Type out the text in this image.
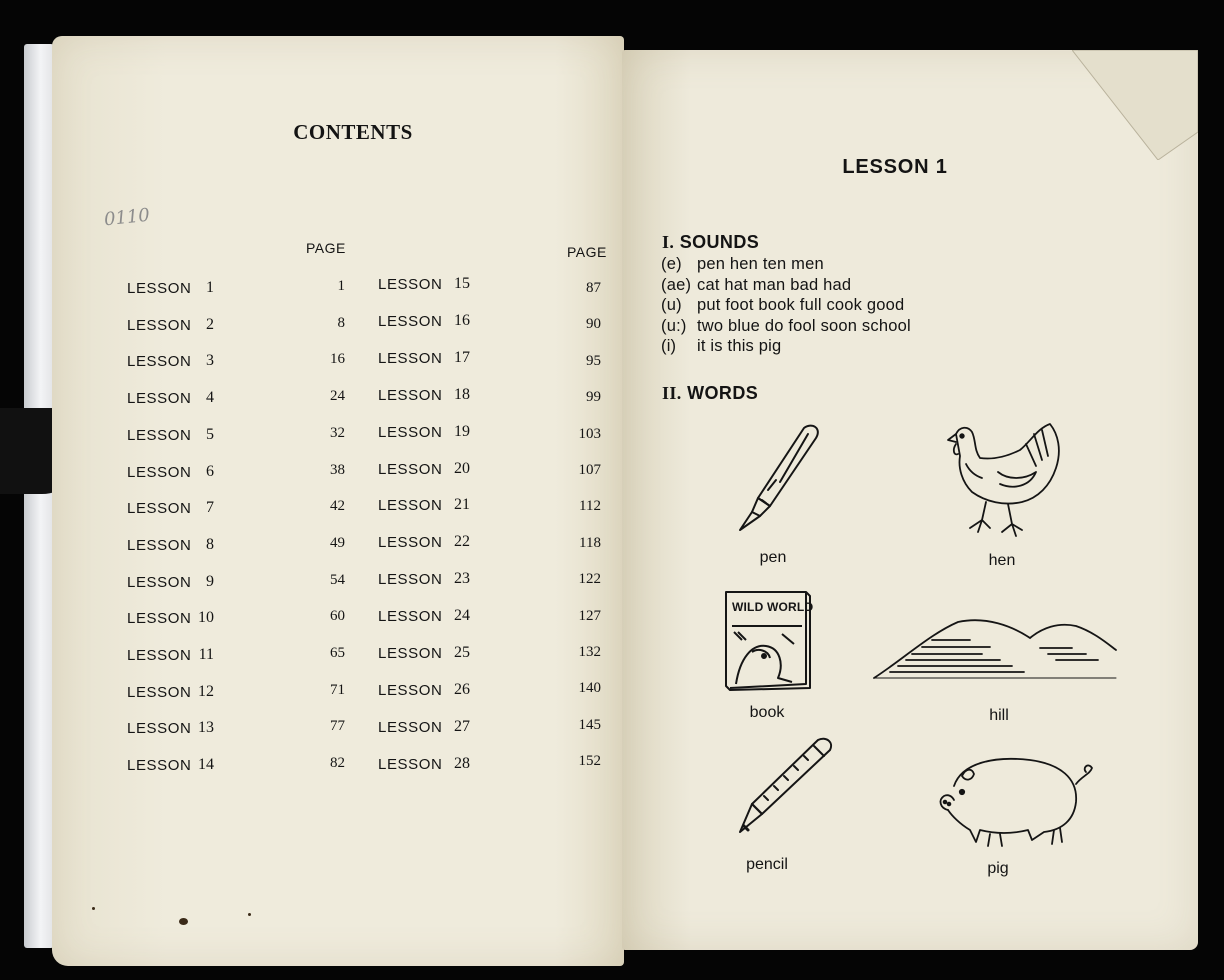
CONTENTS
0110
PAGE	PAGE
LESSON 1	1
LESSON 2	8
LESSON 3	16
LESSON 4	24
LESSON 5	32
LESSON 6	38
LESSON 7	42
LESSON 8	49
LESSON 9	54
LESSON 10	60
LESSON 11	65
LESSON 12	71
LESSON 13	77
LESSON 14	82
LESSON 15	87
LESSON 16	90
LESSON 17	95
LESSON 18	99
LESSON 19	103
LESSON 20	107
LESSON 21	112
LESSON 22	118
LESSON 23	122
LESSON 24	127
LESSON 25	132
LESSON 26	140
LESSON 27	145
LESSON 28	152
LESSON 1
I. SOUNDS
(e) pen hen ten men
(ae) cat hat man bad had
(u) put foot book full cook good
(u:) two blue do fool soon school
(i) it is this pig
II. WORDS
pen	hen
WILD WORLD
book	hill
pencil	pig
